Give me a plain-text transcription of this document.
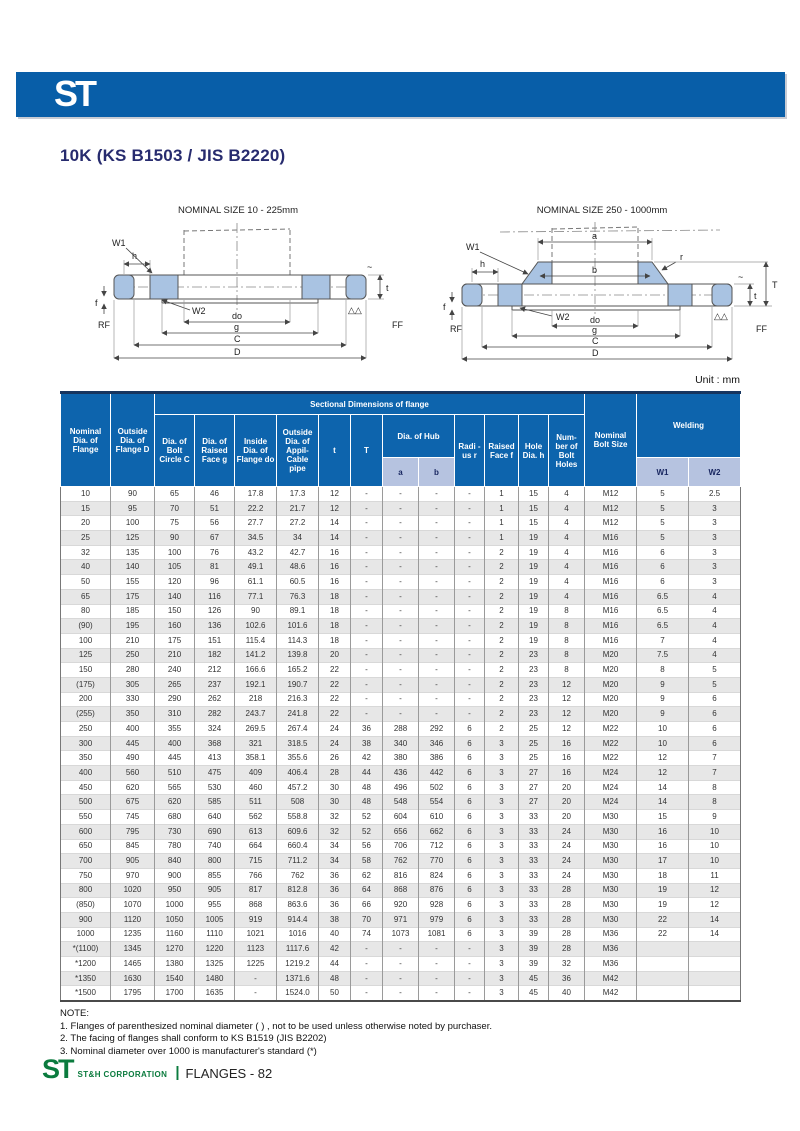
ST
10K (KS B1503 / JIS B2220)
NOMINAL SIZE 10 - 225mm
h
W1
W2
f
RF
t
~
△△
FF
do
g
C
D
NOMINAL SIZE 250 - 1000mm
a
b
r
h
W1
W2
f
RF
t
T
~
△△
FF
do
g
C
D
Unit : mm
Nominal Dia. of Flange	Outside Dia. of Flange D	Sectional Dimensions of flange												Nominal Bolt Size	Welding	
		Dia. of Bolt Circle C	Dia. of Raised Face g	Inside Dia. of Flange do	Outside Dia. of Appil-Cable pipe	t	T	Dia. of Hub		Radi -us r	Raised Face f	Hole Dia. h	Num- ber of Bolt Holes			
								a	b						W1	W2
10	90	65	46	17.8	17.3	12	-	-	-	-	1	15	4	M12	5	2.5
15	95	70	51	22.2	21.7	12	-	-	-	-	1	15	4	M12	5	3
20	100	75	56	27.7	27.2	14	-	-	-	-	1	15	4	M12	5	3
25	125	90	67	34.5	34	14	-	-	-	-	1	19	4	M16	5	3
32	135	100	76	43.2	42.7	16	-	-	-	-	2	19	4	M16	6	3
40	140	105	81	49.1	48.6	16	-	-	-	-	2	19	4	M16	6	3
50	155	120	96	61.1	60.5	16	-	-	-	-	2	19	4	M16	6	3
65	175	140	116	77.1	76.3	18	-	-	-	-	2	19	4	M16	6.5	4
80	185	150	126	90	89.1	18	-	-	-	-	2	19	8	M16	6.5	4
(90)	195	160	136	102.6	101.6	18	-	-	-	-	2	19	8	M16	6.5	4
100	210	175	151	115.4	114.3	18	-	-	-	-	2	19	8	M16	7	4
125	250	210	182	141.2	139.8	20	-	-	-	-	2	23	8	M20	7.5	4
150	280	240	212	166.6	165.2	22	-	-	-	-	2	23	8	M20	8	5
(175)	305	265	237	192.1	190.7	22	-	-	-	-	2	23	12	M20	9	5
200	330	290	262	218	216.3	22	-	-	-	-	2	23	12	M20	9	6
(255)	350	310	282	243.7	241.8	22	-	-	-	-	2	23	12	M20	9	6
250	400	355	324	269.5	267.4	24	36	288	292	6	2	25	12	M22	10	6
300	445	400	368	321	318.5	24	38	340	346	6	3	25	16	M22	10	6
350	490	445	413	358.1	355.6	26	42	380	386	6	3	25	16	M22	12	7
400	560	510	475	409	406.4	28	44	436	442	6	3	27	16	M24	12	7
450	620	565	530	460	457.2	30	48	496	502	6	3	27	20	M24	14	8
500	675	620	585	511	508	30	48	548	554	6	3	27	20	M24	14	8
550	745	680	640	562	558.8	32	52	604	610	6	3	33	20	M30	15	9
600	795	730	690	613	609.6	32	52	656	662	6	3	33	24	M30	16	10
650	845	780	740	664	660.4	34	56	706	712	6	3	33	24	M30	16	10
700	905	840	800	715	711.2	34	58	762	770	6	3	33	24	M30	17	10
750	970	900	855	766	762	36	62	816	824	6	3	33	24	M30	18	11
800	1020	950	905	817	812.8	36	64	868	876	6	3	33	28	M30	19	12
(850)	1070	1000	955	868	863.6	36	66	920	928	6	3	33	28	M30	19	12
900	1120	1050	1005	919	914.4	38	70	971	979	6	3	33	28	M30	22	14
1000	1235	1160	1110	1021	1016	40	74	1073	1081	6	3	39	28	M36	22	14
*(1100)	1345	1270	1220	1123	1117.6	42	-	-	-	-	3	39	28	M36		
*1200	1465	1380	1325	1225	1219.2	44	-	-	-	-	3	39	32	M36		
*1350	1630	1540	1480	-	1371.6	48	-	-	-	-	3	45	36	M42		
*1500	1795	1700	1635	-	1524.0	50	-	-	-	-	3	45	40	M42		
NOTE:
1. Flanges of parenthesized nominal diameter ( ) , not to be used unless otherwise noted by purchaser.
2. The facing of flanges shall conform to KS B1519 (JIS B2202)
3. Nominal diameter over 1000 is manufacturer's standard (*)
ST ST&H CORPORATION | FLANGES - 82
